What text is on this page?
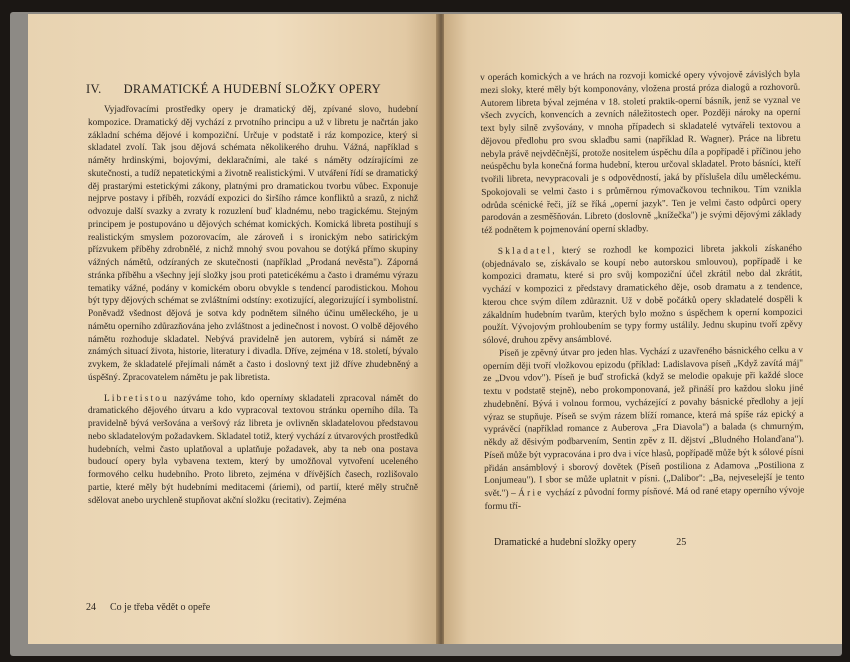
IV. DRAMATICKÉ A HUDEBNÍ SLOŽKY OPERY

Vyjadřovacími prostředky opery je dramatický děj, zpívané slovo, hudební kompozice. Dramatický děj vychází z prvotního principu a už v libretu je načrtán jako základní schéma dějové i kompoziční. Určuje v podstatě i ráz kompozice, který si skladatel zvolí. Tak jsou dějová schémata několikerého druhu. Vážná, například s náměty hrdinskými, bojovými, deklaračními, ale také s náměty odzírajícími ze skutečnosti, a tudíž nepatetickými a životně realistickými. V utváření řídí se dramatický děj prastarými estetickými zákony, platnými pro dramatickou tvorbu vůbec. Exponuje nejprve postavy i příběh, rozvádí expozici do širšího rámce konfliktů a srazů, z nichž odvozuje další svazky a zvraty k rozuzlení buď kladnému, nebo tragickému. Stejným principem je postupováno u dějových schémat komických. Komická libreta postihují s realistickým smyslem pozorovacím, ale zároveň i s ironickým nebo satirickým přízvukem příběhy zdrobnělé, z nichž mnohý svou povahou se dotýká přímo skupiny vážných námětů, odzíraných ze skutečnosti (například „Prodaná nevěsta"). Záporná stránka příběhu a všechny její složky jsou proti pateticékému a často i dramému výrazu tematiky vážné, podány v komickém oboru obvykle s tendencí parodistickou. Mohou být typy dějových schémat se zvláštními odstíny: exotizující, alegorizující i symbolistní. Poněvadž všednost dějová je sotva kdy podnětem silného účinu uměleckého, je u námětu operního zdůrazňována jeho zvláštnost a jedinečnost i novost. O volbě dějového námětu rozhoduje skladatel. Nebývá pravidelně jen autorem, vybírá si námět ze známých situací života, historie, literatury i divadla. Dříve, zejména v 18. století, bývalo zvykem, že skladatelé přejímali námět a často i doslovný text již dříve zhudebněný a úspěšný. Zpracovatelem námětu je pak libretista.

Libretistou nazýváme toho, kdo operníму skladateli zpracoval námět do dramatického dějového útvaru a kdo vypracoval textovou stránku operního díla. Ta pravidelně bývá veršována a veršový ráz libreta je ovlivněn skladatelovou představou nebo skladatelovým požadavkem. Skladatel totiž, který vychází z útvarových prostředků hudebních, velmi často uplatňoval a uplatňuje požadavek, aby ta neb ona postava budoucí opery byla vybavena textem, který by umožňoval vytvoření uceleného formového celku hudebního. Proto libreto, zejména v dřívějších časech, rozlišovalo partie, které měly být hudebními meditacemi (áriemi), od partií, které měly stručně sdělovat anebo urychleně stupňovat akční složku (recitativ). Zejména

24 Co je třeba vědět o opeře

v operách komických a ve hrách na rozvoji komické opery vývojově závislých byla mezi sloky, které měly být komponovány, vložena prostá próza dialogů a rozhovorů. Autorem libreta býval zejména v 18. století praktik-operní básník, jenž se vyznal ve všech zvycích, konvencích a zevních náležitostech oper. Později nároky na operní text byly silně zvyšovány, v mnoha případech si skladatelé vytvářeli textovou a dějovou předlohu pro svou skladbu sami (například R. Wagner). Práce na libretu nebyla právě nejvděčnější, protože nositelem úspěchu díla a popřípadě i příčinou jeho neúspěchu byla konečná forma hudební, kterou určoval skladatel. Proto básníci, kteří tvořili libreta, nevypracovali je s odpovědností, jaká by příslušela dílu uměleckému. Spokojovali se velmi často i s průměrnou rýmovačkovou technikou. Tím vznikla odrůda scénické řeči, jíž se říká „operní jazyk". Ten je velmi často odpůrci opery parodován a zesměšňován. Libreto (doslovně „knížečka") je svými dějovými základy též podnětem k pojmenování operní skladby.

Skladatel, který se rozhodl ke kompozici libreta jakkoli získaného (objednávalo se, získávalo se koupí nebo autorskou smlouvou), popřípadě i ke kompozici dramatu, které si pro svůj kompoziční účel zkrátil nebo dal zkrátit, vychází v kompozici z představy dramatického děje, osob dramatu a z tendence, kterou chce svým dílem zdůraznit. Už v době počátků opery skladatelé dospěli k zákaldním hudebním tvarům, kterých bylo možno s úspěchem k operní kompozici použít. Vývojovým prohloubením se typy formy ustálily. Jednu skupinu tvoří zpěvy sólové, druhou zpěvy ansámblové.

Píseň je zpěvný útvar pro jeden hlas. Vychází z uzavřeného básnického celku a v operním ději tvoří vložkovou epizodu (příklad: Ladislavova píseň „Když zavítá máj" ze „Dvou vdov"). Píseň je buď strofická (když se melodie opakuje při každé sloce textu v podstatě stejně), nebo prokomponovaná, jež přináší pro každou sloku jiné zhudebnění. Bývá i volnou formou, vycházející z povahy básnické předlohy a její výraz se stupňuje. Píseň se svým rázem blíží romance, která má spíše ráz epický a vyprávěcí (například romance z Auberova „Fra Diavola") a balada (s chmurným, někdy až děsivým podbarvením, Sentin zpěv z II. dějství „Bludného Holanďana"). Píseň může být vypracována i pro dva i více hlasů, popřípadě může být k sólové písni přidán ansámblový i sborový dovětek (Píseň postiliona z Adamova „Postiliona z Lonjumeau"). I sbor se může uplatnit v písni. („Dalibor": „Ba, nejveselejší je tento svět.") – Árie vychází z původní formy písňové. Má od rané etapy operního vývoje formu tří-

Dramatické a hudební složky opery	25
